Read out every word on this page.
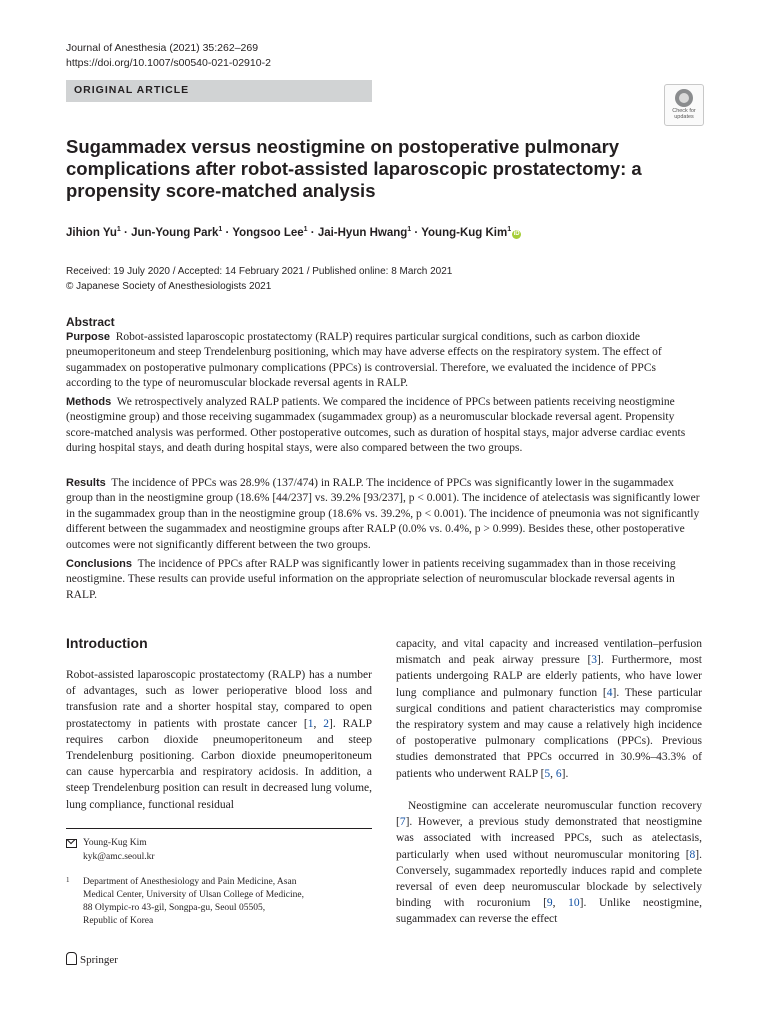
Journal of Anesthesia (2021) 35:262–269
https://doi.org/10.1007/s00540-021-02910-2
ORIGINAL ARTICLE
Check for
updates
Sugammadex versus neostigmine on postoperative pulmonary complications after robot-assisted laparoscopic prostatectomy: a propensity score-matched analysis
Jihion $Yu^1$ · Jun-Young Park$^1$ · Yongsoo Lee$^1$ · Jai-Hyun Hwang$^1$ · Young-Kug Kim$^1$iD
Received: 19 July 2020 / Accepted: 14 February 2021 / Published online: 8 March 2021
© Japanese Society of Anesthesiologists 2021
Abstract

Purpose Robot-assisted laparoscopic prostatectomy (RALP) requires particular surgical conditions, such as carbon dioxide pneumoperitoneum and steep Trendelenburg positioning, which may have adverse effects on the respiratory system. The effect of sugammadex on postoperative pulmonary complications (PPCs) is controversial. Therefore, we evaluated the incidence of PPCs according to the type of neuromuscular blockade reversal agents in RALP.

Methods We retrospectively analyzed RALP patients. We compared the incidence of PPCs between patients receiving neostigmine (neostigmine group) and those receiving sugammadex (sugammadex group) as a neuromuscular blockade reversal agent. Propensity score-matched analysis was performed. Other postoperative outcomes, such as duration of hospital stays, major adverse cardiac events during hospital stays, and death during hospital stays, were also compared between the two groups.

Results The incidence of PPCs was 28.9% (137/474) in RALP. The incidence of PPCs was significantly lower in the sugammadex group than in the neostigmine group (18.6% [44/237] vs. 39.2% [93/237], p < 0.001). The incidence of atelectasis was significantly lower in the sugammadex group than in the neostigmine group (18.6% vs. 39.2%, p < 0.001). The incidence of pneumonia was not significantly different between the sugammadex and neostigmine groups after RALP (0.0% vs. 0.4%, p > 0.999). Besides these, other postoperative outcomes were not significantly different between the two groups.

Conclusions The incidence of PPCs after RALP was significantly lower in patients receiving sugammadex than in those receiving neostigmine. These results can provide useful information on the appropriate selection of neuromuscular blockade reversal agents in RALP.

Introduction

Robot-assisted laparoscopic prostatectomy (RALP) has a number of advantages, such as lower perioperative blood loss and transfusion rate and a shorter hospital stay, compared to open prostatectomy in patients with prostate cancer [1, 2]. RALP requires carbon dioxide pneumoperitoneum and steep Trendelenburg positioning. Carbon dioxide pneumoperitoneum can cause hypercarbia and respiratory acidosis. In addition, a steep Trendelenburg position can result in decreased lung volume, lung compliance, functional residual

capacity, and vital capacity and increased ventilation–perfusion mismatch and peak airway pressure [3]. Furthermore, most patients undergoing RALP are elderly patients, who have lower lung compliance and pulmonary function [4]. These particular surgical conditions and patient characteristics may compromise the respiratory system and may cause a relatively high incidence of postoperative pulmonary complications (PPCs). Previous studies demonstrated that PPCs occurred in 30.9%–43.3% of patients who underwent RALP [5, 6].

Neostigmine can accelerate neuromuscular function recovery [7]. However, a previous study demonstrated that neostigmine was associated with increased PPCs, such as atelectasis, particularly when used without neuromuscular monitoring [8]. Conversely, sugammadex reportedly induces rapid and complete reversal of even deep neuromuscular blockade by selectively binding with rocuronium [9, 10]. Unlike neostigmine, sugammadex can reverse the effect

Young-Kug Kim
kyk@amc.seoul.kr
1 Department of Anesthesiology and Pain Medicine, Asan
Medical Center, University of Ulsan College of Medicine,
88 Olympic-ro 43-gil, Songpa-gu, Seoul 05505,
Republic of Korea
Springer
